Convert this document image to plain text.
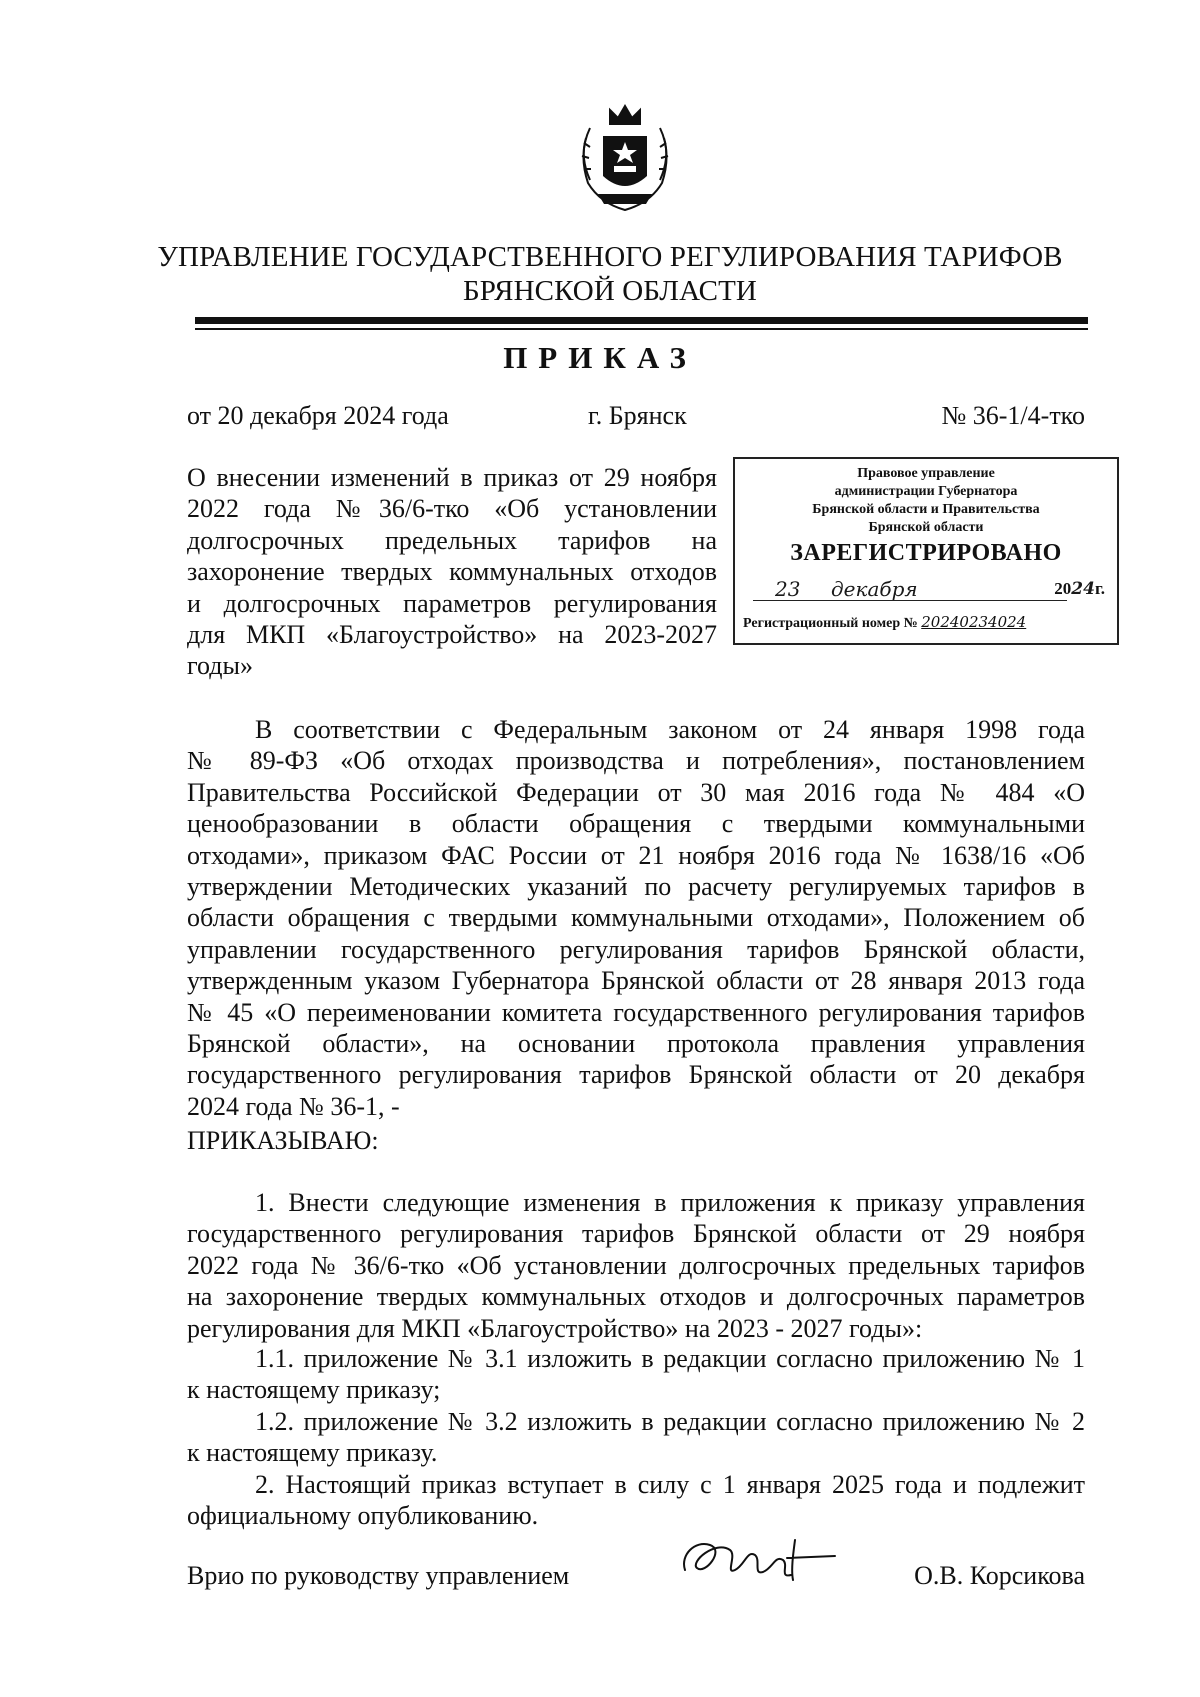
УПРАВЛЕНИЕ ГОСУДАРСТВЕННОГО РЕГУЛИРОВАНИЯ ТАРИФОВ
БРЯНСКОЙ ОБЛАСТИ
ПРИКАЗ
от 20 декабря 2024 года	г. Брянск	№ 36-1/4-тко
О внесении изменений в приказ от 29 ноября
2022 года №36/6-тко «Об установлении
долгосрочных предельных тарифов на
захоронение твердых коммунальных отходов
и долгосрочных параметров регулирования
для МКП «Благоустройство» на 2023-2027
годы»
Правовое управление
администрации Губернатора
Брянской области и Правительства
Брянской области
ЗАРЕГИСТРИРОВАНО
23 декабря	2024г.
Регистрационный номер № 20240234024
В соответствии с Федеральным законом от 24 января 1998 года
№ 89-ФЗ «Об отходах производства и потребления», постановлением
Правительства Российской Федерации от 30 мая 2016 года № 484 «О
ценообразовании в области обращения с твердыми коммунальными
отходами», приказом ФАС России от 21 ноября 2016 года № 1638/16 «Об
утверждении Методических указаний по расчету регулируемых тарифов в
области обращения с твердыми коммунальными отходами», Положением об
управлении государственного регулирования тарифов Брянской области,
утвержденным указом Губернатора Брянской области от 28 января 2013 года
№ 45 «О переименовании комитета государственного регулирования тарифов
Брянской области», на основании протокола правления управления
государственного регулирования тарифов Брянской области от 20 декабря
2024 года № 36-1, -
ПРИКАЗЫВАЮ:
1. Внести следующие изменения в приложения к приказу управления
государственного регулирования тарифов Брянской области от 29 ноября
2022 года № 36/6-тко «Об установлении долгосрочных предельных тарифов
на захоронение твердых коммунальных отходов и долгосрочных параметров
регулирования для МКП «Благоустройство» на 2023 - 2027 годы»:
1.1. приложение № 3.1 изложить в редакции согласно приложению № 1
к настоящему приказу;
1.2. приложение № 3.2 изложить в редакции согласно приложению № 2
к настоящему приказу.
2. Настоящий приказ вступает в силу с 1 января 2025 года и подлежит
официальному опубликованию.
Врио по руководству управлением	О.В. Корсикова
